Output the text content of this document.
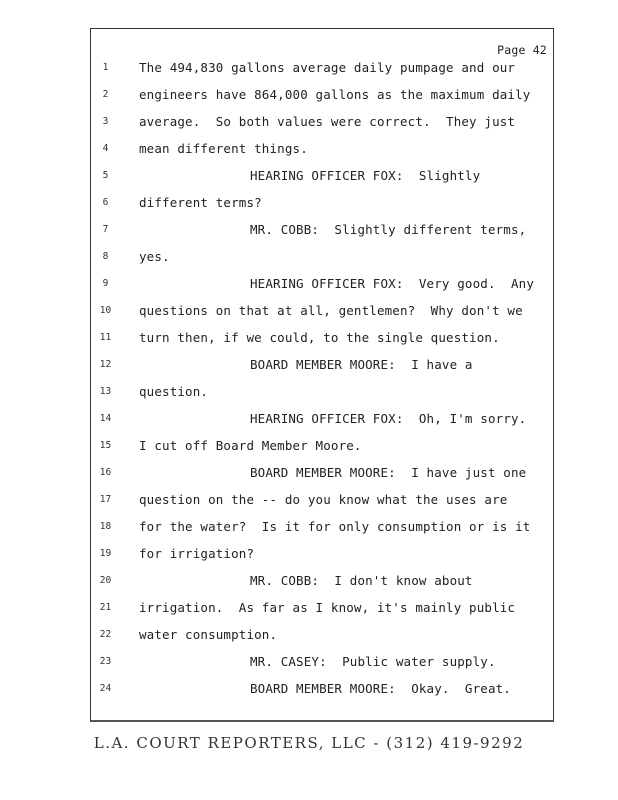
Page 42
1	The 494,830 gallons average daily pumpage and our
2	engineers have 864,000 gallons as the maximum daily
3	average.  So both values were correct.  They just
4	mean different things.
5	HEARING OFFICER FOX:  Slightly
6	different terms?
7	MR. COBB:  Slightly different terms,
8	yes.
9	HEARING OFFICER FOX:  Very good.  Any
10	questions on that at all, gentlemen?  Why don't we
11	turn then, if we could, to the single question.
12	BOARD MEMBER MOORE:  I have a
13	question.
14	HEARING OFFICER FOX:  Oh, I'm sorry.
15	I cut off Board Member Moore.
16	BOARD MEMBER MOORE:  I have just one
17	question on the -- do you know what the uses are
18	for the water?  Is it for only consumption or is it
19	for irrigation?
20	MR. COBB:  I don't know about
21	irrigation.  As far as I know, it's mainly public
22	water consumption.
23	MR. CASEY:  Public water supply.
24	BOARD MEMBER MOORE:  Okay.  Great.
L.A. COURT REPORTERS, LLC - (312) 419-9292
